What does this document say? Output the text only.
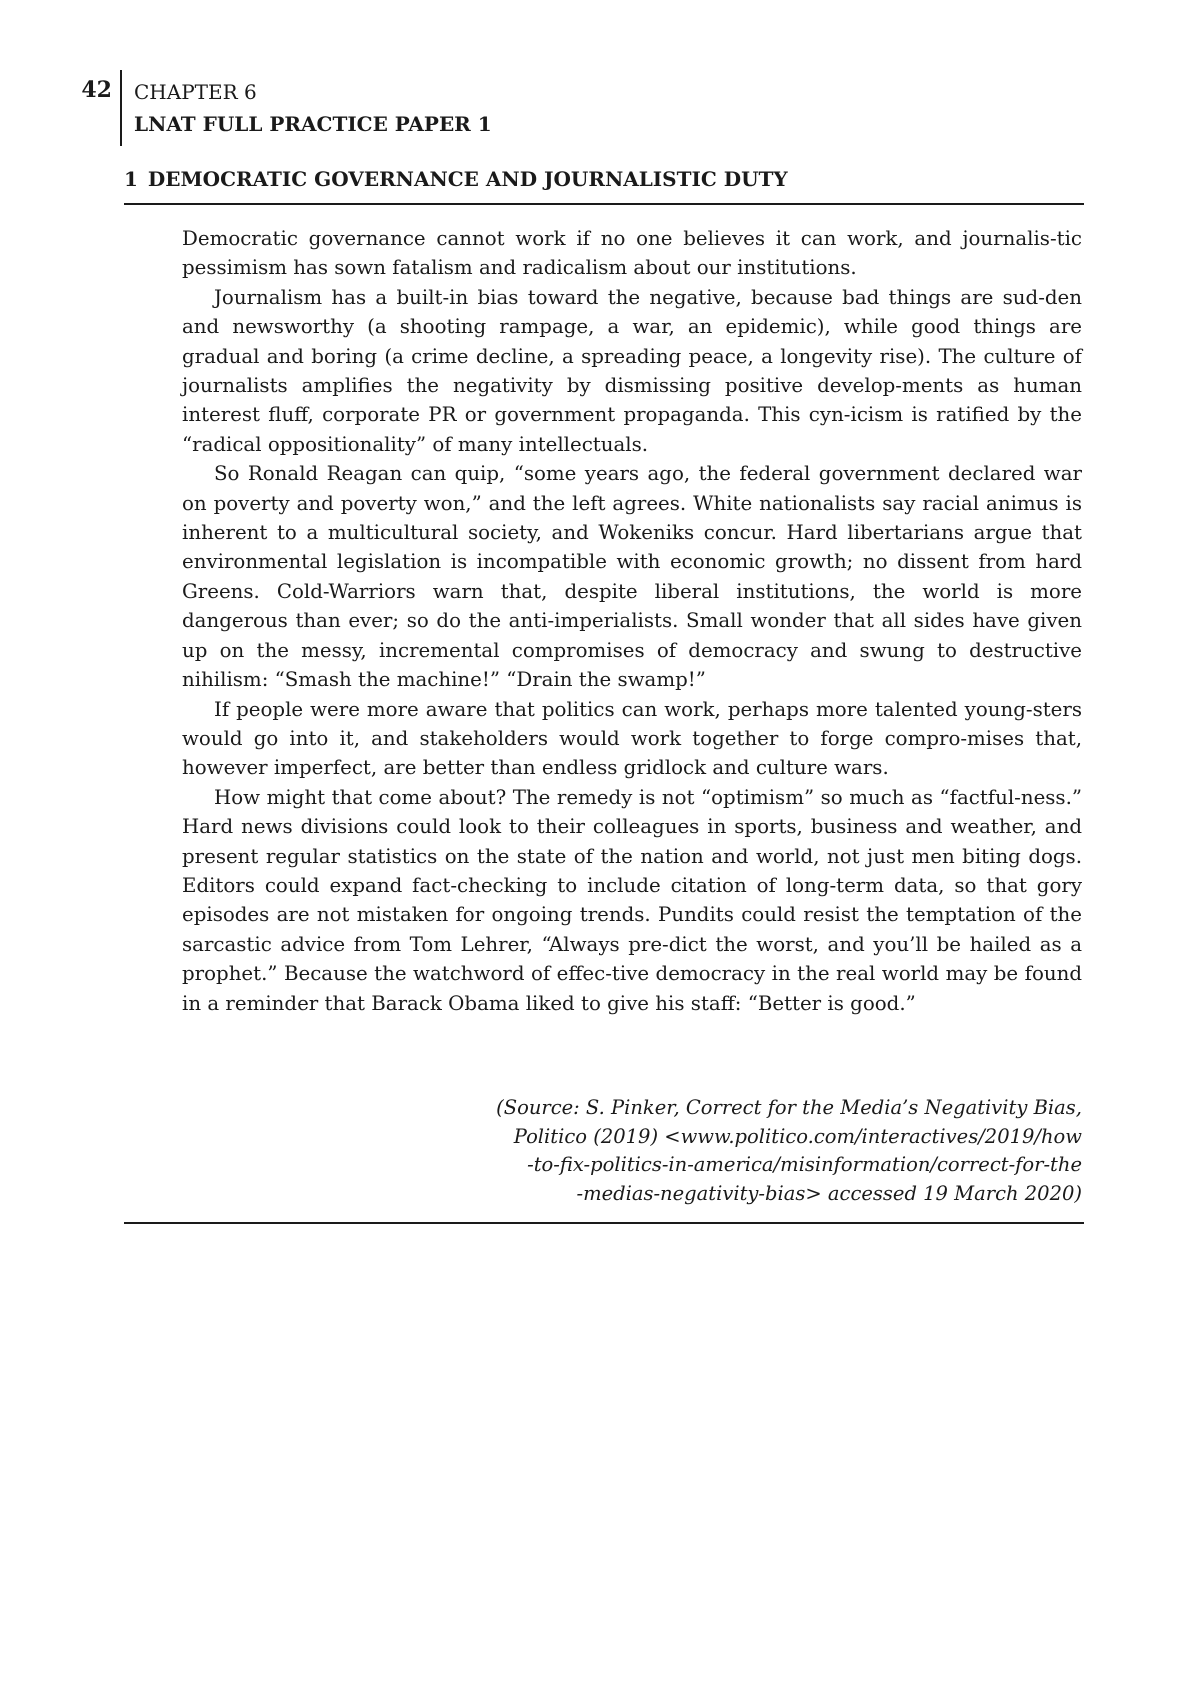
42 CHAPTER 6
LNAT FULL PRACTICE PAPER 1
1 DEMOCRATIC GOVERNANCE AND JOURNALISTIC DUTY

Democratic governance cannot work if no one believes it can work, and journalis-tic pessimism has sown fatalism and radicalism about our institutions.

Journalism has a built-in bias toward the negative, because bad things are sud-den and newsworthy (a shooting rampage, a war, an epidemic), while good things are gradual and boring (a crime decline, a spreading peace, a longevity rise). The culture of journalists amplifies the negativity by dismissing positive develop-ments as human interest fluff, corporate PR or government propaganda. This cyn-icism is ratified by the “radical oppositionality” of many intellectuals.

So Ronald Reagan can quip, “some years ago, the federal government declared war on poverty and poverty won,” and the left agrees. White nationalists say racial animus is inherent to a multicultural society, and Wokeniks concur. Hard libertarians argue that environmental legislation is incompatible with economic growth; no dissent from hard Greens. Cold-Warriors warn that, despite liberal institutions, the world is more dangerous than ever; so do the anti-imperialists. Small wonder that all sides have given up on the messy, incremental compromises of democracy and swung to destructive nihilism: “Smash the machine!” “Drain the swamp!”

If people were more aware that politics can work, perhaps more talented young-sters would go into it, and stakeholders would work together to forge compro-mises that, however imperfect, are better than endless gridlock and culture wars.

How might that come about? The remedy is not “optimism” so much as “factful-ness.” Hard news divisions could look to their colleagues in sports, business and weather, and present regular statistics on the state of the nation and world, not just men biting dogs. Editors could expand fact-checking to include citation of long-term data, so that gory episodes are not mistaken for ongoing trends. Pundits could resist the temptation of the sarcastic advice from Tom Lehrer, “Always pre-dict the worst, and you’ll be hailed as a prophet.” Because the watchword of effec-tive democracy in the real world may be found in a reminder that Barack Obama liked to give his staff: “Better is good.”

(Source: S. Pinker, Correct for the Media’s Negativity Bias,
Politico (2019) <www.politico.com/interactives/2019/how
-to-fix-politics-in-america/misinformation/correct-for-the
-medias-negativity-bias> accessed 19 March 2020)
